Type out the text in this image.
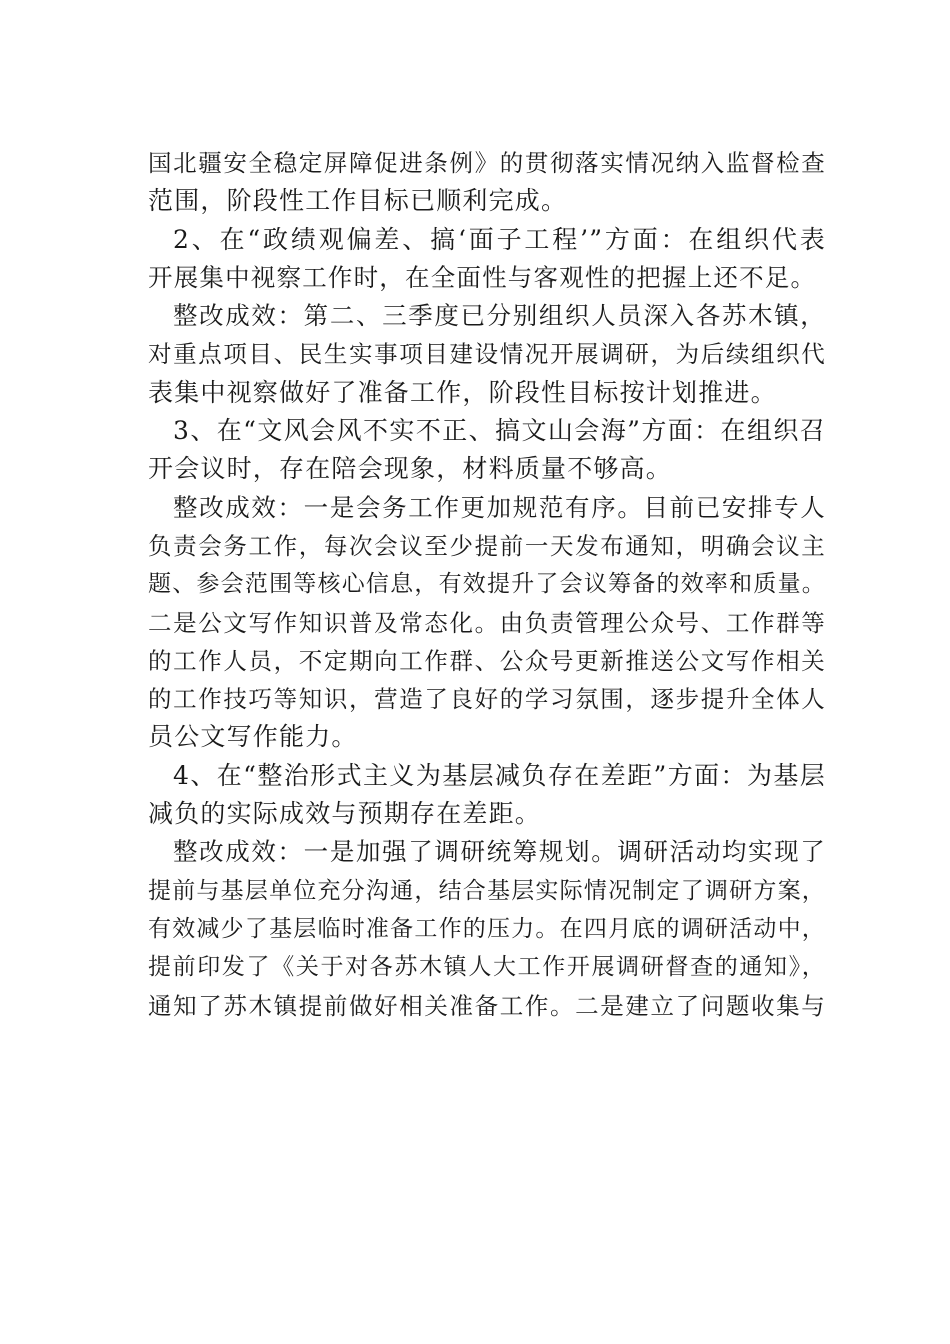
国北疆安全稳定屏障促进条例》的贯彻落实情况纳入监督检查
范围，阶段性工作目标已顺利完成。
2、在“政绩观偏差、搞‘面子工程’”方面：在组织代表
开展集中视察工作时，在全面性与客观性的把握上还不足。
整改成效：第二、三季度已分别组织人员深入各苏木镇，
对重点项目、民生实事项目建设情况开展调研，为后续组织代
表集中视察做好了准备工作，阶段性目标按计划推进。
3、在“文风会风不实不正、搞文山会海”方面：在组织召
开会议时，存在陪会现象，材料质量不够高。
整改成效：一是会务工作更加规范有序。目前已安排专人
负责会务工作，每次会议至少提前一天发布通知，明确会议主
题、参会范围等核心信息，有效提升了会议筹备的效率和质量。
二是公文写作知识普及常态化。由负责管理公众号、工作群等
的工作人员，不定期向工作群、公众号更新推送公文写作相关
的工作技巧等知识，营造了良好的学习氛围，逐步提升全体人
员公文写作能力。
4、在“整治形式主义为基层减负存在差距”方面：为基层
减负的实际成效与预期存在差距。
整改成效：一是加强了调研统筹规划。调研活动均实现了
提前与基层单位充分沟通，结合基层实际情况制定了调研方案，
有效减少了基层临时准备工作的压力。在四月底的调研活动中，
提前印发了《关于对各苏木镇人大工作开展调研督查的通知》，
通知了苏木镇提前做好相关准备工作。二是建立了问题收集与
